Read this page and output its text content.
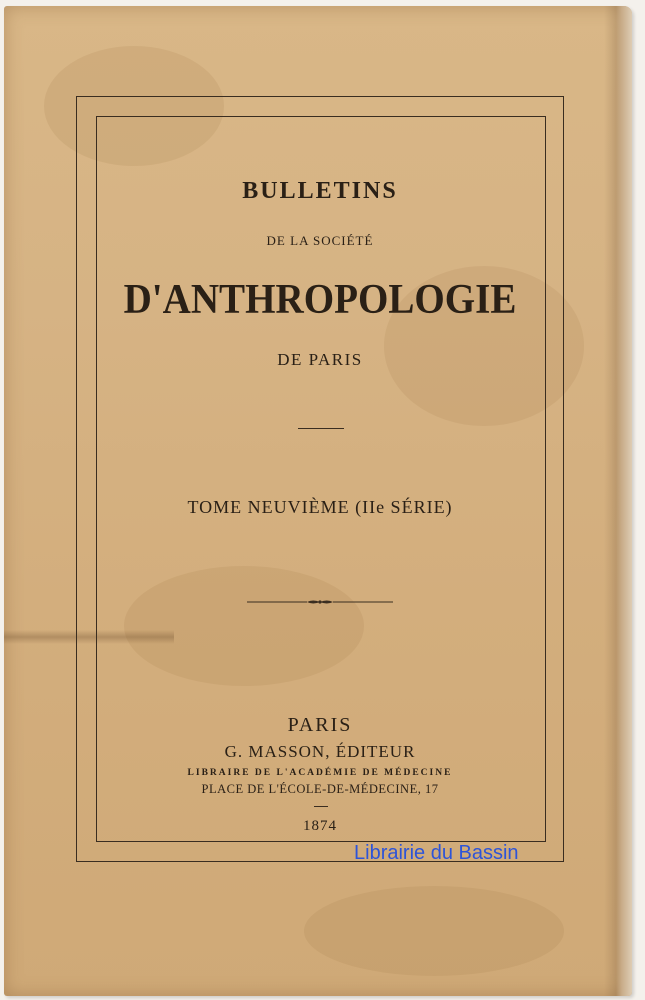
BULLETINS
DE LA SOCIÉTÉ
D'ANTHROPOLOGIE
DE PARIS
TOME NEUVIÈME (IIe SÉRIE)
PARIS
G. MASSON, ÉDITEUR
LIBRAIRE DE L'ACADÉMIE DE MÉDECINE
PLACE DE L'ÉCOLE-DE-MÉDECINE, 17
1874
Librairie du Bassin
